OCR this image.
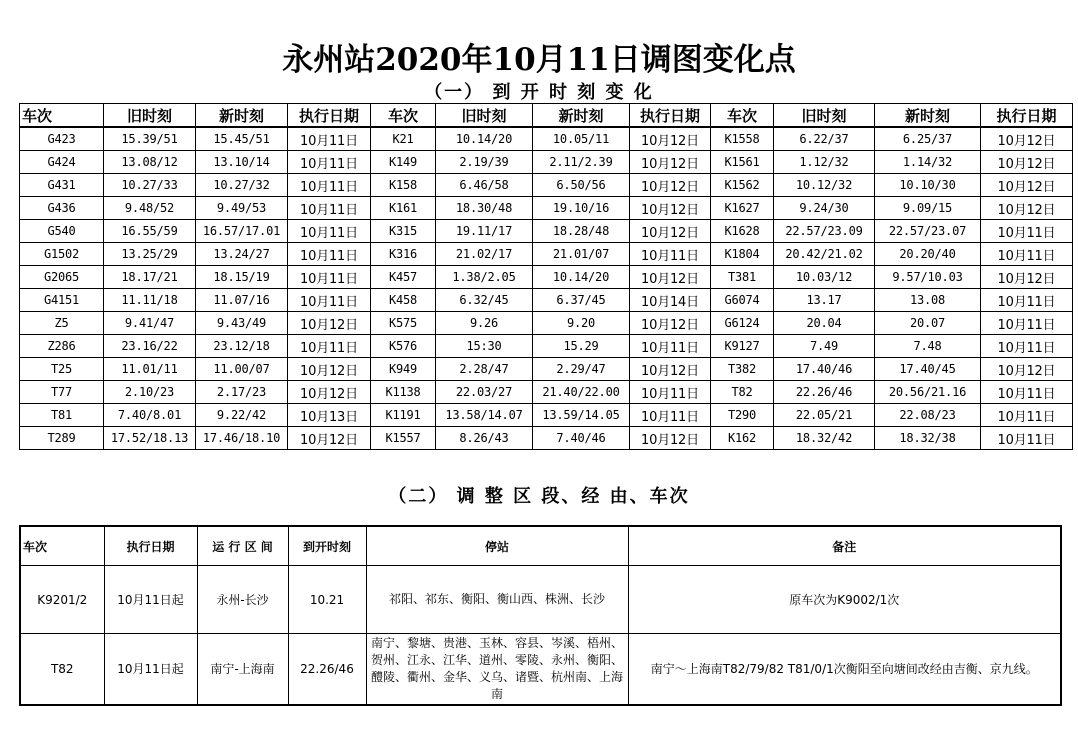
永州站2020年10月11日调图变化点
（一） 到 开 时 刻 变 化
车次	旧时刻	新时刻	执行日期	车次	旧时刻	新时刻	执行日期	车次	旧时刻	新时刻	执行日期
G423	15.39/51	15.45/51	10月11日	K21	10.14/20	10.05/11	10月12日	K1558	6.22/37	6.25/37	10月12日
G424	13.08/12	13.10/14	10月11日	K149	2.19/39	2.11/2.39	10月12日	K1561	1.12/32	1.14/32	10月12日
G431	10.27/33	10.27/32	10月11日	K158	6.46/58	6.50/56	10月12日	K1562	10.12/32	10.10/30	10月12日
G436	9.48/52	9.49/53	10月11日	K161	18.30/48	19.10/16	10月12日	K1627	9.24/30	9.09/15	10月12日
G540	16.55/59	16.57/17.01	10月11日	K315	19.11/17	18.28/48	10月12日	K1628	22.57/23.09	22.57/23.07	10月11日
G1502	13.25/29	13.24/27	10月11日	K316	21.02/17	21.01/07	10月11日	K1804	20.42/21.02	20.20/40	10月11日
G2065	18.17/21	18.15/19	10月11日	K457	1.38/2.05	10.14/20	10月12日	T381	10.03/12	9.57/10.03	10月12日
G4151	11.11/18	11.07/16	10月11日	K458	6.32/45	6.37/45	10月14日	G6074	13.17	13.08	10月11日
Z5	9.41/47	9.43/49	10月12日	K575	9.26	9.20	10月12日	G6124	20.04	20.07	10月11日
Z286	23.16/22	23.12/18	10月11日	K576	15:30	15.29	10月11日	K9127	7.49	7.48	10月11日
T25	11.01/11	11.00/07	10月12日	K949	2.28/47	2.29/47	10月12日	T382	17.40/46	17.40/45	10月12日
T77	2.10/23	2.17/23	10月12日	K1138	22.03/27	21.40/22.00	10月11日	T82	22.26/46	20.56/21.16	10月11日
T81	7.40/8.01	9.22/42	10月13日	K1191	13.58/14.07	13.59/14.05	10月11日	T290	22.05/21	22.08/23	10月11日
T289	17.52/18.13	17.46/18.10	10月12日	K1557	8.26/43	7.40/46	10月12日	K162	18.32/42	18.32/38	10月11日
（二） 调 整 区 段、经 由、车次
车次	执行日期	运 行 区 间	到开时刻	停站	备注
K9201/2	10月11日起	永州-长沙	10.21	祁阳、祁东、衡阳、衡山西、株洲、长沙	原车次为K9002/1次
T82	10月11日起	南宁-上海南	22.26/46	南宁、黎塘、贵港、玉林、容县、岑溪、梧州、贺州、江永、江华、道州、零陵、永州、衡阳、醴陵、衢州、金华、义乌、诸暨、杭州南、上海南	南宁～上海南T82/79/82 T81/0/1次衡阳至向塘间改经由吉衡、京九线。
